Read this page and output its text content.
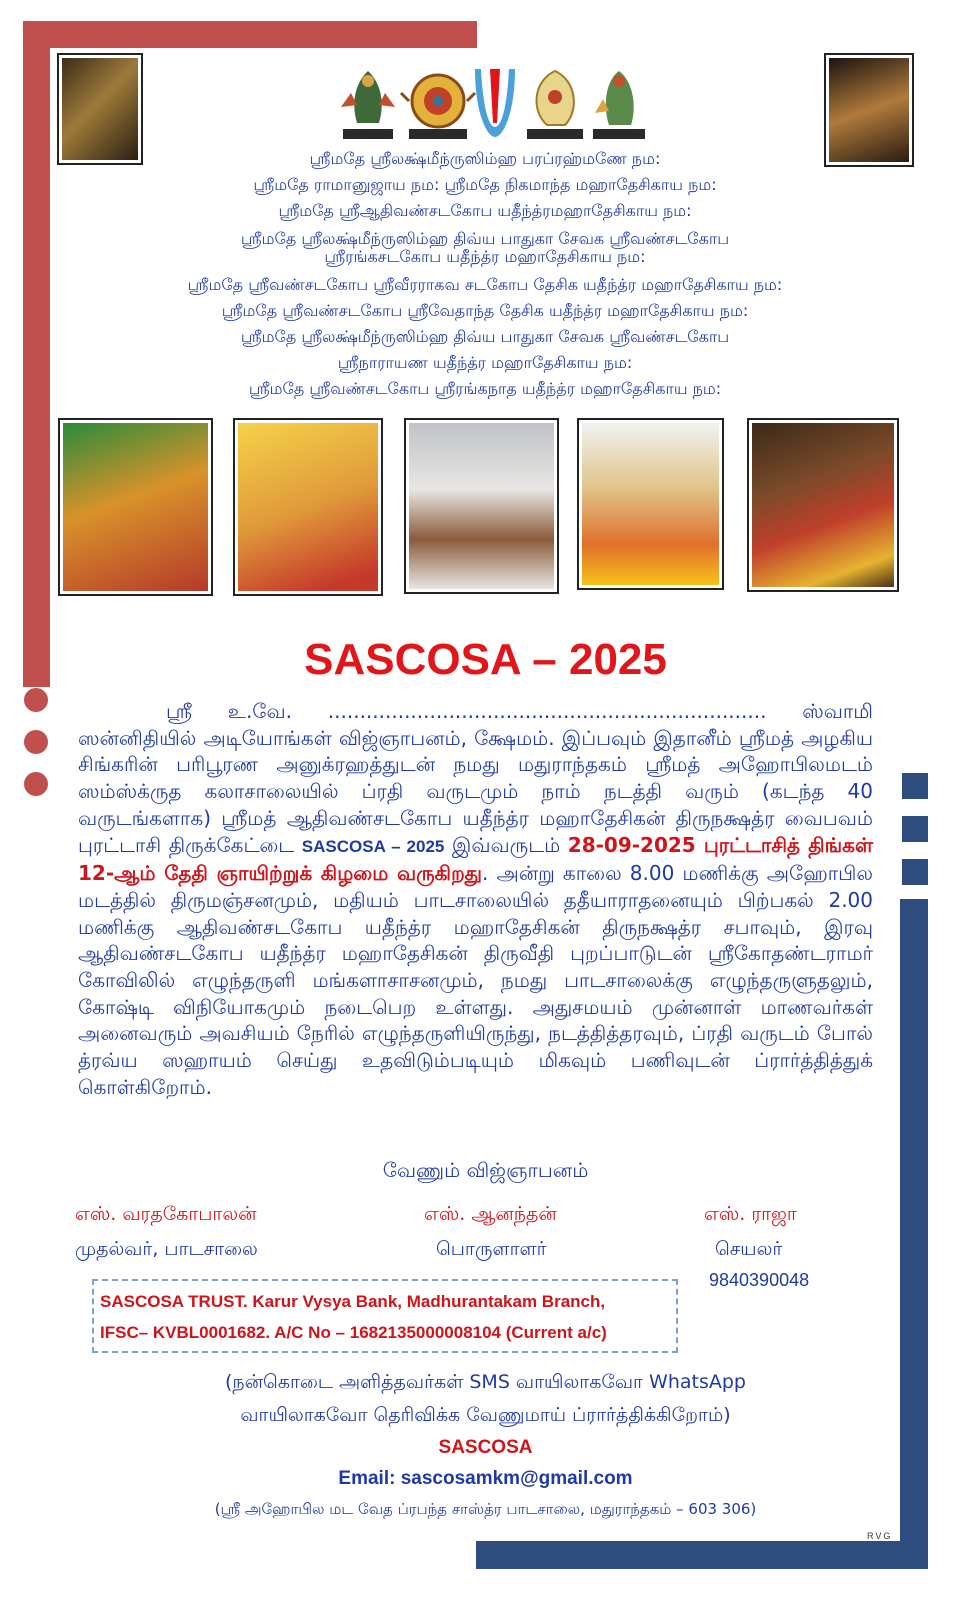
ஸ்ரீமதே ஸ்ரீலக்ஷ்மீந்ருஸிம்ஹ பரப்ரஹ்மணே நம:

ஸ்ரீமதே ராமானுஜாய நம: ஸ்ரீமதே நிகமாந்த மஹாதேசிகாய நம:

ஸ்ரீமதே ஸ்ரீஆதிவண்சடகோப யதீந்த்ரமஹாதேசிகாய நம:

ஸ்ரீமதே ஸ்ரீலக்ஷ்மீந்ருஸிம்ஹ திவ்ய பாதுகா சேவக ஸ்ரீவண்சடகோப

ஸ்ரீரங்கசடகோப யதீந்த்ர மஹாதேசிகாய நம:

ஸ்ரீமதே ஸ்ரீவண்சடகோப ஸ்ரீவீரராகவ சடகோப தேசிக யதீந்த்ர மஹாதேசிகாய நம:

ஸ்ரீமதே ஸ்ரீவண்சடகோப ஸ்ரீவேதாந்த தேசிக யதீந்த்ர மஹாதேசிகாய நம:

ஸ்ரீமதே ஸ்ரீலக்ஷ்மீந்ருஸிம்ஹ திவ்ய பாதுகா சேவக ஸ்ரீவண்சடகோப

ஸ்ரீநாராயண யதீந்த்ர மஹாதேசிகாய நம:

ஸ்ரீமதே ஸ்ரீவண்சடகோப ஸ்ரீரங்கநாத யதீந்த்ர மஹாதேசிகாய நம:

SASCOSA – 2025
ஸ்ரீ உ.வே. ..................................................................... ஸ்வாமி ஸன்னிதியில் அடியோங்கள் விஜ்ஞாபனம், க்ஷேமம். இப்பவும் இதானீம் ஸ்ரீமத் அழகிய சிங்கரின் பரிபூரண அனுக்ரஹத்துடன் நமது மதுராந்தகம் ஸ்ரீமத் அஹோபிலமடம் ஸம்ஸ்க்ருத கலாசாலையில் ப்ரதி வருடமும் நாம் நடத்தி வரும் (கடந்த 40 வருடங்களாக) ஸ்ரீமத் ஆதிவண்சடகோப யதீந்த்ர மஹாதேசிகன் திருநக்ஷத்ர வைபவம் புரட்டாசி திருக்கேட்டை SASCOSA – 2025 இவ்வருடம் 28-09-2025 புரட்டாசித் திங்கள் 12-ஆம் தேதி ஞாயிற்றுக் கிழமை வருகிறது. அன்று காலை 8.00 மணிக்கு அஹோபில மடத்தில் திருமஞ்சனமும், மதியம் பாடசாலையில் ததீயாராதனையும் பிற்பகல் 2.00 மணிக்கு ஆதிவண்சடகோப யதீந்த்ர மஹாதேசிகன் திருநக்ஷத்ர சபாவும், இரவு ஆதிவண்சடகோப யதீந்த்ர மஹாதேசிகன் திருவீதி புறப்பாடுடன் ஸ்ரீகோதண்டராமர் கோவிலில் எழுந்தருளி மங்களாசாசனமும், நமது பாடசாலைக்கு எழுந்தருளுதலும், கோஷ்டி விநியோகமும் நடைபெற உள்ளது. அதுசமயம் முன்னாள் மாணவர்கள் அனைவரும் அவசியம் நேரில் எழுந்தருளியிருந்து, நடத்தித்தரவும், ப்ரதி வருடம் போல் த்ரவ்ய ஸஹாயம் செய்து உதவிடும்படியும் மிகவும் பணிவுடன் ப்ரார்த்தித்துக் கொள்கிறோம்.
வேணும் விஜ்ஞாபனம்
எஸ். வரதகோபாலன்	எஸ். ஆனந்தன்	எஸ். ராஜா
முதல்வர், பாடசாலை	பொருளாளர்	செயலர்
9840390048

SASCOSA TRUST. Karur Vysya Bank, Madhurantakam Branch,

IFSC– KVBL0001682. A/C No – 1682135000008104 (Current a/c)

(நன்கொடை அளித்தவர்கள் SMS வாயிலாகவோ WhatsApp
வாயிலாகவோ தெரிவிக்க வேணுமாய் ப்ரார்த்திக்கிறோம்)
SASCOSA
Email: sascosamkm@gmail.com
(ஸ்ரீ அஹோபில மட வேத ப்ரபந்த சாஸ்த்ர பாடசாலை, மதுராந்தகம் – 603 306)
RVG
